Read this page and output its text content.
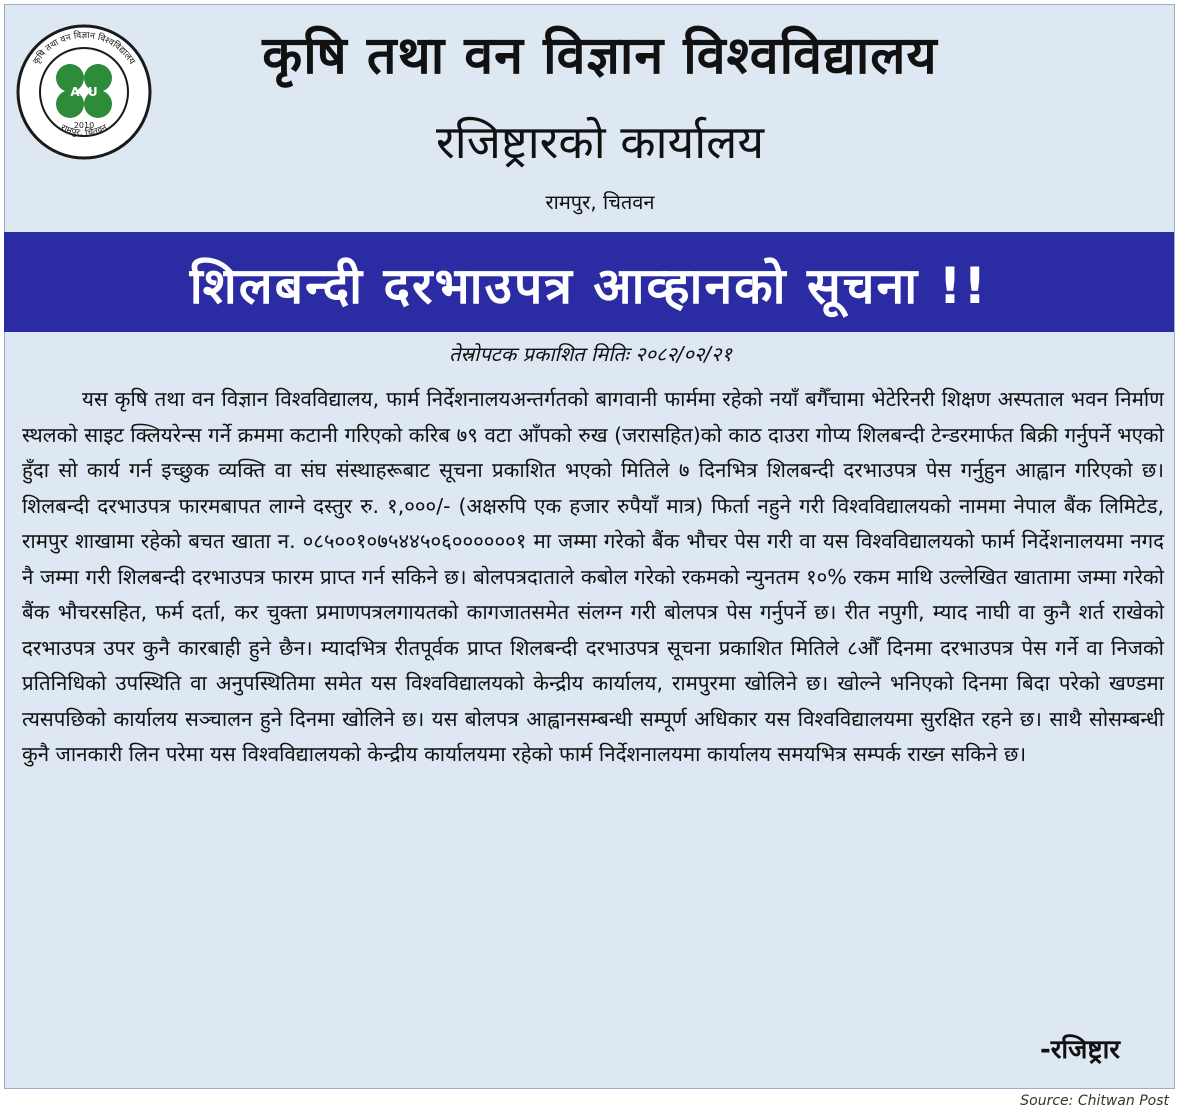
कृषि तथा वन विज्ञान विश्वविद्यालय
रामपुर, चितवन
AFU
2010
कृषि तथा वन विज्ञान विश्वविद्यालय
रजिष्ट्रारको कार्यालय
रामपुर, चितवन
शिलबन्दी दरभाउपत्र आव्हानको सूचना !!
तेस्रोपटक प्रकाशित मितिः २०८२/०२/२१

यस कृषि तथा वन विज्ञान विश्वविद्यालय, फार्म निर्देशनालयअन्तर्गतको बागवानी फार्ममा रहेको नयाँ बगैँचामा भेटेरिनरी शिक्षण अस्पताल भवन निर्माण स्थलको साइट क्लियरेन्स गर्ने क्रममा कटानी गरिएको करिब ७९ वटा आँपको रुख (जरासहित)को काठ दाउरा गोप्य शिलबन्दी टेन्डरमार्फत बिक्री गर्नुपर्ने भएको हुँदा सो कार्य गर्न इच्छुक व्यक्ति वा संघ संस्थाहरूबाट सूचना प्रकाशित भएको मितिले ७ दिनभित्र शिलबन्दी दरभाउपत्र पेस गर्नुहुन आह्वान गरिएको छ। शिलबन्दी दरभाउपत्र फारमबापत लाग्ने दस्तुर रु. १,०००/- (अक्षरुपि एक हजार रुपैयाँ मात्र) फिर्ता नहुने गरी विश्वविद्यालयको नाममा नेपाल बैंक लिमिटेड, रामपुर शाखामा रहेको बचत खाता न. ०८५००१०७५४४५०६००००००१ मा जम्मा गरेको बैंक भौचर पेस गरी वा यस विश्वविद्यालयको फार्म निर्देशनालयमा नगद नै जम्मा गरी शिलबन्दी दरभाउपत्र फारम प्राप्त गर्न सकिने छ। बोलपत्रदाताले कबोल गरेको रकमको न्युनतम १०% रकम माथि उल्लेखित खातामा जम्मा गरेको बैंक भौचरसहित, फर्म दर्ता, कर चुक्ता प्रमाणपत्रलगायतको कागजातसमेत संलग्न गरी बोलपत्र पेस गर्नुपर्ने छ। रीत नपुगी, म्याद नाघी वा कुनै शर्त राखेको दरभाउपत्र उपर कुनै कारबाही हुने छैन। म्यादभित्र रीतपूर्वक प्राप्त शिलबन्दी दरभाउपत्र सूचना प्रकाशित मितिले ८औँ दिनमा दरभाउपत्र पेस गर्ने वा निजको प्रतिनिधिको उपस्थिति वा अनुपस्थितिमा समेत यस विश्वविद्यालयको केन्द्रीय कार्यालय, रामपुरमा खोलिने छ। खोल्ने भनिएको दिनमा बिदा परेको खण्डमा त्यसपछिको कार्यालय सञ्चालन हुने दिनमा खोलिने छ। यस बोलपत्र आह्वानसम्बन्धी सम्पूर्ण अधिकार यस विश्वविद्यालयमा सुरक्षित रहने छ। साथै सोसम्बन्धी कुनै जानकारी लिन परेमा यस विश्वविद्यालयको केन्द्रीय कार्यालयमा रहेको फार्म निर्देशनालयमा कार्यालय समयभित्र सम्पर्क राख्न सकिने छ।

-रजिष्ट्रार
Source: Chitwan Post
